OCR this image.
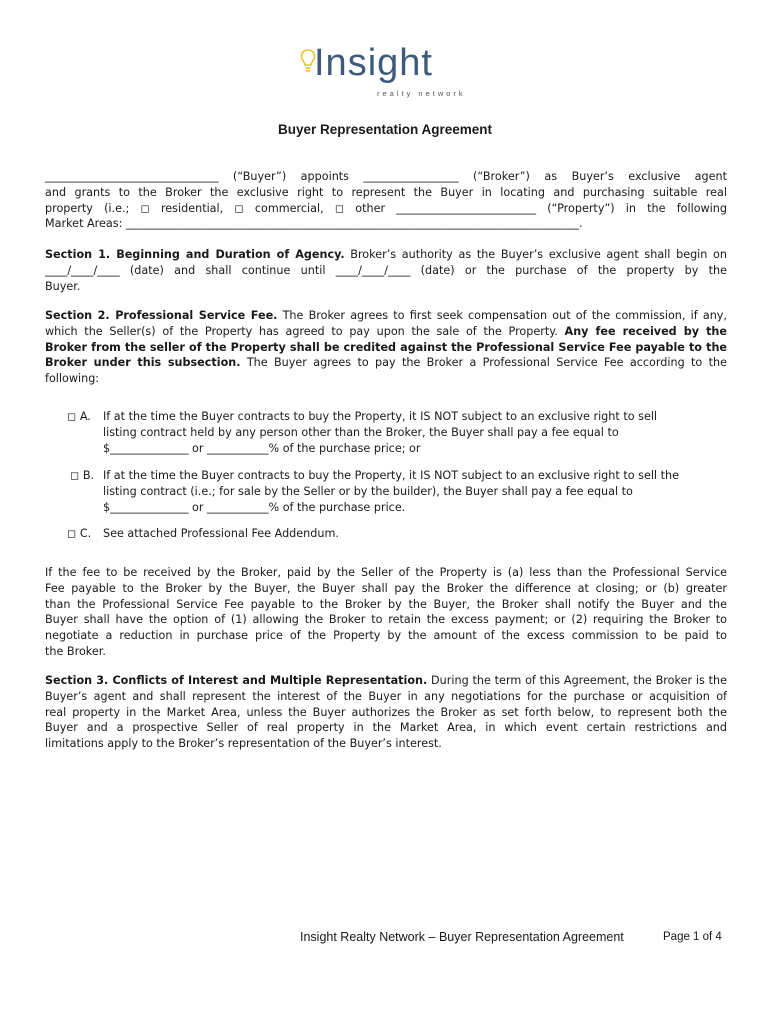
Insight
realty network
Buyer Representation Agreement
_______________________________ (“Buyer”) appoints _________________ (“Broker”) as Buyer’s exclusive agent
and grants to the Broker the exclusive right to represent the Buyer in locating and purchasing suitable real
property (i.e.; ◻ residential, ◻ commercial, ◻ other _________________________ (“Property”) in the following
Market Areas: _________________________________________________________________________________.
Section 1. Beginning and Duration of Agency. Broker’s authority as the Buyer’s exclusive agent shall begin on
____/____/____ (date) and shall continue until ____/____/____ (date) or the purchase of the property by the
Buyer.
Section 2. Professional Service Fee. The Broker agrees to first seek compensation out of the commission, if any,
which the Seller(s) of the Property has agreed to pay upon the sale of the Property. Any fee received by the
Broker from the seller of the Property shall be credited against the Professional Service Fee payable to the
Broker under this subsection. The Buyer agrees to pay the Broker a Professional Service Fee according to the
following:
◻ A. If at the time the Buyer contracts to buy the Property, it IS NOT subject to an exclusive right to sell
listing contract held by any person other than the Broker, the Buyer shall pay a fee equal to
$______________ or ___________% of the purchase price; or
◻ B. If at the time the Buyer contracts to buy the Property, it IS NOT subject to an exclusive right to sell the
listing contract (i.e.; for sale by the Seller or by the builder), the Buyer shall pay a fee equal to
$______________ or ___________% of the purchase price.
◻ C. See attached Professional Fee Addendum.
If the fee to be received by the Broker, paid by the Seller of the Property is (a) less than the Professional Service
Fee payable to the Broker by the Buyer, the Buyer shall pay the Broker the difference at closing; or (b) greater
than the Professional Service Fee payable to the Broker by the Buyer, the Broker shall notify the Buyer and the
Buyer shall have the option of (1) allowing the Broker to retain the excess payment; or (2) requiring the Broker to
negotiate a reduction in purchase price of the Property by the amount of the excess commission to be paid to
the Broker.
Section 3. Conflicts of Interest and Multiple Representation. During the term of this Agreement, the Broker is the
Buyer’s agent and shall represent the interest of the Buyer in any negotiations for the purchase or acquisition of
real property in the Market Area, unless the Buyer authorizes the Broker as set forth below, to represent both the
Buyer and a prospective Seller of real property in the Market Area, in which event certain restrictions and
limitations apply to the Broker’s representation of the Buyer’s interest.
Insight Realty Network – Buyer Representation Agreement	Page 1 of 4
